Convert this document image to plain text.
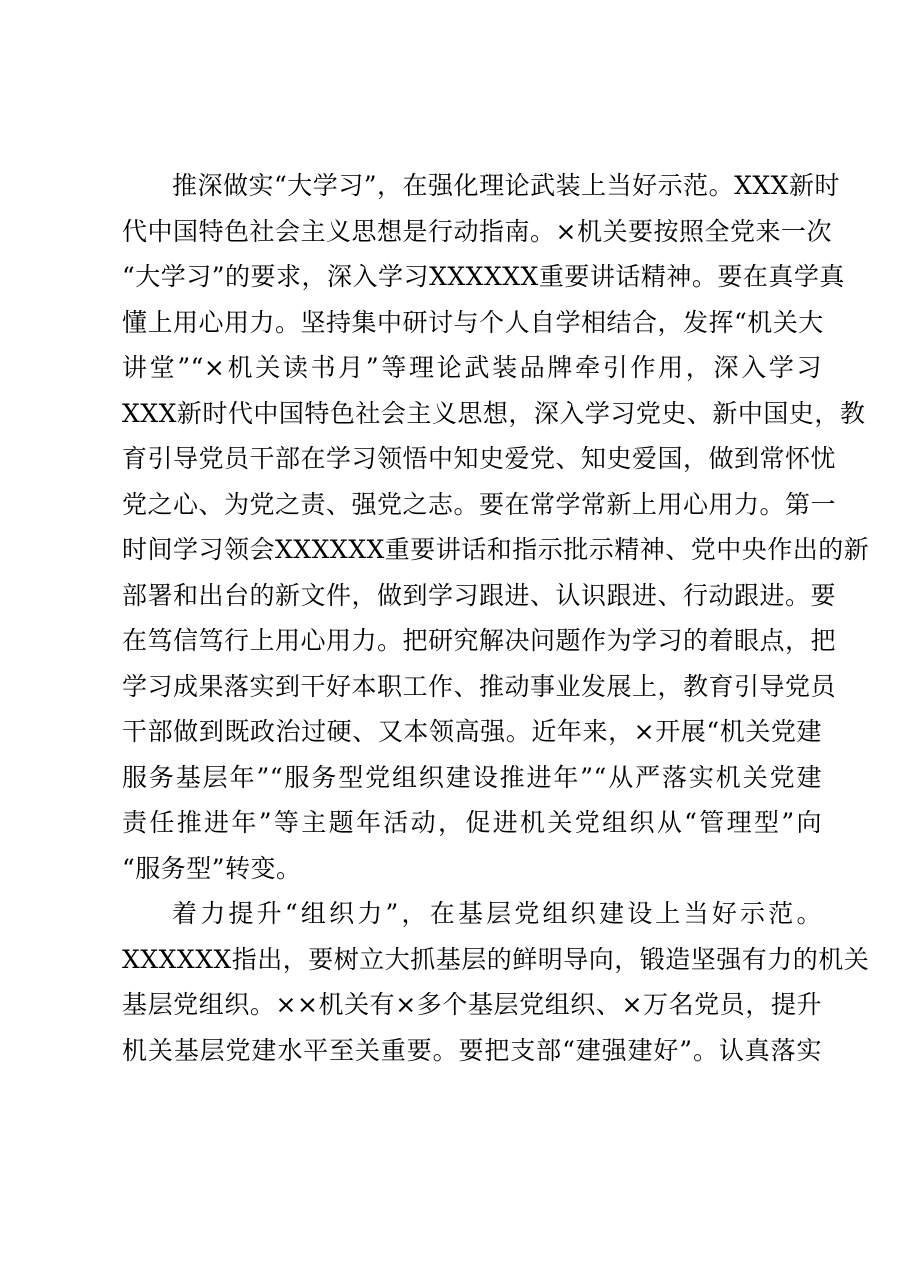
推深做实“大学习”，在强化理论武装上当好示范。XXX新时
代中国特色社会主义思想是行动指南。×机关要按照全党来一次
“大学习”的要求，深入学习XXXXXX重要讲话精神。要在真学真
懂上用心用力。坚持集中研讨与个人自学相结合，发挥“机关大
讲堂”“×机关读书月”等理论武装品牌牵引作用，深入学习
XXX新时代中国特色社会主义思想，深入学习党史、新中国史，教
育引导党员干部在学习领悟中知史爱党、知史爱国，做到常怀忧
党之心、为党之责、强党之志。要在常学常新上用心用力。第一
时间学习领会XXXXXX重要讲话和指示批示精神、党中央作出的新
部署和出台的新文件，做到学习跟进、认识跟进、行动跟进。要
在笃信笃行上用心用力。把研究解决问题作为学习的着眼点，把
学习成果落实到干好本职工作、推动事业发展上，教育引导党员
干部做到既政治过硬、又本领高强。近年来，×开展“机关党建
服务基层年”“服务型党组织建设推进年”“从严落实机关党建
责任推进年”等主题年活动，促进机关党组织从“管理型”向
“服务型”转变。
着力提升“组织力”，在基层党组织建设上当好示范。
XXXXXX指出，要树立大抓基层的鲜明导向，锻造坚强有力的机关
基层党组织。××机关有×多个基层党组织、×万名党员，提升
机关基层党建水平至关重要。要把支部“建强建好”。认真落实
